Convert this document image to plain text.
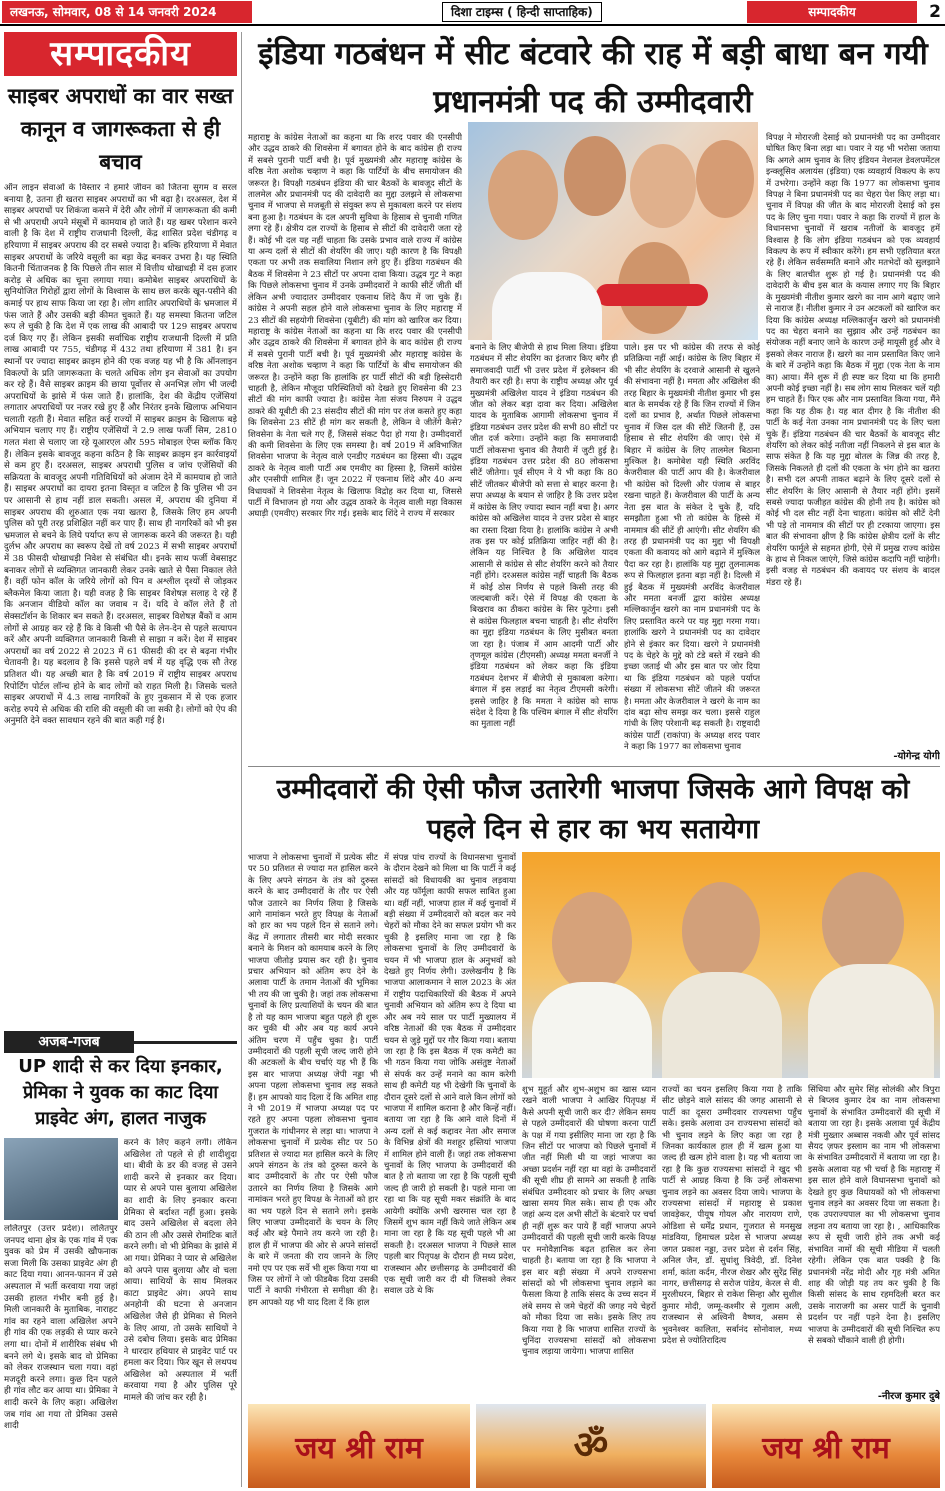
लखनऊ, सोमवार, 08 से 14 जनवरी 2024	दिशा टाइम्स ( हिन्दी साप्ताहिक)	सम्पादकीय	2
सम्पादकीय
साइबर अपराधों का वार सख्त कानून व जागरूकता से ही बचाव
ऑन लाइन सेवाओं के विस्तार ने हमारे जीवन को जितना सुगम व सरल बनाया है, उतना ही खतरा साइबर अपराधों का भी बढ़ा है। दरअसल, देश में साइबर अपराधों पर शिकंजा कसने में देरी और लोगों में जागरूकता की कमी से भी अपराधी अपने मंसूबों में कामयाब हो जाते हैं। यह खबर परेशान करने वाली है कि देश में राष्ट्रीय राजधानी दिल्ली, केंद्र शासित प्रदेश चंडीगढ़ व हरियाणा में साइबर अपराध की दर सबसे ज्यादा है। बल्कि हरियाणा में मेवात साइबर अपराधों के जरिये वसूली का बड़ा केंद्र बनकर उभरा है। यह स्थिति कितनी चिंताजनक है कि पिछले तीन साल में वित्तीय धोखाधड़ी में दस हजार करोड़ से अधिक का चूना लगाया गया। कमोबेश साइबर अपराधियों के सुनियोजित गिरोहों द्वारा लोगों के विश्वास के साथ छल करके खून-पसीने की कमाई पर हाथ साफ किया जा रहा है। लोग शातिर अपराधियों के भ्रमजाल में फंस जाते हैं और उसकी बड़ी कीमत चुकाते हैं। यह समस्या कितना जटिल रूप ले चुकी है कि देश में एक लाख की आबादी पर 129 साइबर अपराध दर्ज किए गए हैं। लेकिन इसकी सर्वाधिक राष्ट्रीय राजधानी दिल्ली में प्रति लाख आबादी पर 755, चंडीगढ़ में 432 तथा हरियाणा में 381 है। इन स्थानों पर ज्यादा साइबर क्राइम होने की एक वजह यह भी है कि ऑनलाइन विकल्पों के प्रति जागरूकता के चलते अधिक लोग इन सेवाओं का उपयोग कर रहे हैं। वैसे साइबर क्राइम की छाया पूर्वोत्तर से अनभिज्ञ लोग भी जल्दी अपराधियों के झांसे में फंस जाते हैं। हालांकि, देश की केंद्रीय एजेंसियां लगातार अपराधियों पर नजर रखे हुए हैं और निरंतर इनके खिलाफ अभियान चलाती रहती हैं। मेवात सहित कई राज्यों में साइबर क्राइम के खिलाफ बड़े अभियान चलाए गए हैं। राष्ट्रीय एजेंसियों ने 2.9 लाख फर्जी सिम, 2810 गलत मंशा से चलाए जा रहे यूआरएल और 595 मोबाइल ऐप्स ब्लॉक किए हैं। लेकिन इसके बावजूद कहना कठिन है कि साइबर क्राइम इन कार्रवाइयों से कम हुए हैं। दरअसल, साइबर अपराधी पुलिस व जांच एजेंसियों की सक्रियता के बावजूद अपनी गतिविधियों को अंजाम देने में कामयाब हो जाते हैं। साइबर अपराधों का दायरा इतना विस्तृत व जटिल है कि पुलिस भी उन पर आसानी से हाथ नहीं डाल सकती। असल में, अपराध की दुनिया में साइबर अपराध की शुरुआत एक नया खतरा है, जिसके लिए हम अपनी पुलिस को पूरी तरह प्रशिक्षित नहीं कर पाए हैं। साथ ही नागरिकों को भी इस भ्रमजाल से बचने के लिये पर्याप्त रूप से जागरूक करने की जरूरत है। यही दुर्लभ और अपराध का स्वरूप देखें तो वर्ष 2023 में सभी साइबर अपराधों में 38 फीसदी धोखाधड़ी निवेश से संबंधित थी। इनके साथ फर्जी वेबसाइट बनाकर लोगों से व्यक्तिगत जानकारी लेकर उनके खाते से पैसा निकाल लेते हैं। वहीं फोन कॉल के जरिये लोगों को पिन व अश्लील दृश्यों से जोड़कर ब्लैकमेल किया जाता है। यही वजह है कि साइबर विशेषज्ञ सलाह दे रहे हैं कि अनजान वीडियो कॉल का जवाब न दें। यदि वे कॉल लेते हैं तो सेक्सटॉर्शन के शिकार बन सकते हैं। दरअसल, साइबर विशेषज्ञ बैंकों व आम लोगों से आग्रह कर रहे हैं कि वे किसी भी पैसे के लेन-देन से पहले सत्यापन करें और अपनी व्यक्तिगत जानकारी किसी से साझा न करें। देश में साइबर अपराधों का वर्ष 2022 से 2023 में 61 फीसदी की दर से बढ़ना गंभीर चेतावनी है। यह बदलाव है कि इससे पहले वर्ष में यह वृद्धि एक सौ तेरह प्रतिशत थी। यह अच्छी बात है कि वर्ष 2019 में राष्ट्रीय साइबर अपराध रिपोर्टिंग पोर्टल लॉन्च होने के बाद लोगों को राहत मिली है। जिसके चलते साइबर अपराधों में 4.3 लाख नागरिकों के हुए नुकसान में से एक हजार करोड़ रुपये से अधिक की राशि की वसूली की जा सकी है। लोगों को ऐप की अनुमति देने वक्त सावधान रहने की बात कही गई है।
अजब-गजब
UP शादी से कर दिया इनकार, प्रेमिका ने युवक का काट दिया प्राइवेट अंग, हालत नाजुक
ललितपुर (उत्तर प्रदेश)। ललितपुर जनपद थाना क्षेत्र के एक गांव में एक युवक को प्रेम में उसकी खौफनाक सजा मिली कि उसका प्राइवेट अंग ही काट दिया गया। आनन-फानन में उसे अस्पताल में भर्ती करवाया गया जहां उसकी हालत गंभीर बनी हुई है। मिली जानकारी के मुताबिक, नाराहट गांव का रहने वाला अखिलेश अपने ही गांव की एक लड़की से प्यार करने लगा था। दोनों में शारीरिक संबंध भी बनने लगे थे। इसके बाद वो प्रेमिका को लेकर राजस्थान चला गया। वहां मजदूरी करने लगा। कुछ दिन पहले ही गांव लौट कर आया था। प्रेमिका ने शादी करने के लिए कहा। अखिलेश जब गांव आ गया तो प्रेमिका उससे शादी
करने के लिए कहने लगी। लेकिन अखिलेश तो पहले से ही शादीशुदा था। बीवी के डर की वजह से उसने शादी करने से इनकार कर दिया। प्यार से अपने पास बुलाया अखिलेश का शादी के लिए इनकार करना प्रेमिका से बर्दाश्त नहीं हुआ। इसके बाद उसने अखिलेश से बदला लेने की ठान ली और उससे रोमांटिक बातें करने लगी। वो भी प्रेमिका के झांसे में आ गया। प्रेमिका ने प्यार से अखिलेश को अपने पास बुलाया और वो चला आया। साथियों के साथ मिलकर काटा प्राइवेट अंग। अपने साथ अनहोनी की घटना से अनजान अखिलेश जैसे ही प्रेमिका से मिलने के लिए आया, तो उसके साथियों ने उसे दबोच लिया। इसके बाद प्रेमिका ने धारदार हथियार से प्राइवेट पार्ट पर हमला कर दिया। फिर खून से लथपथ अखिलेश को अस्पताल में भर्ती करवाया गया है और पुलिस पूरे मामले की जांच कर रही है।
इंडिया गठबंधन में सीट बंटवारे की राह में बड़ी बाधा बन गयी प्रधानमंत्री पद की उम्मीदवारी
महाराष्ट्र के कांग्रेस नेताओं का कहना था कि शरद पवार की एनसीपी और उद्धव ठाकरे की शिवसेना में बगावत होने के बाद कांग्रेस ही राज्य में सबसे पुरानी पार्टी बची है। पूर्व मुख्यमंत्री और महाराष्ट्र कांग्रेस के वरिष्ठ नेता अशोक चव्हाण ने कहा कि पार्टियों के बीच समायोजन की जरूरत है। विपक्षी गठबंधन इंडिया की चार बैठकों के बावजूद सीटों के तालमेल और प्रधानमंत्री पद की दावेदारी का मुद्दा उलझने से लोकसभा चुनाव में भाजपा से मजबूती से संयुक्त रूप से मुकाबला करने पर संशय बना हुआ है। गठबंधन के दल अपनी सुविधा के हिसाब से चुनावी गणित लगा रहे हैं। क्षेत्रीय दल राज्यों के हिसाब से सीटों की दावेदारी जता रहे हैं। कोई भी दल यह नहीं चाहता कि उसके प्रभाव वाले राज्य में कांग्रेस या अन्य दलों से सीटों की शेयरिंग की जाए। यही कारण है कि विपक्षी एकता पर अभी तक सवालिया निशान लगे हुए हैं। इंडिया गठबंधन की बैठक में शिवसेना ने 23 सीटों पर अपना दावा किया। उद्धव गुट ने कहा कि पिछले लोकसभा चुनाव में उनके उम्मीदवारों ने काफी सीटें जीती थीं लेकिन अभी ज्यादातर उम्मीदवार एकनाथ शिंदे कैंप में जा चुके हैं। कांग्रेस ने अपनी सहल होने वाले लोकसभा चुनाव के लिए महाराष्ट्र में 23 सीटों की सहयोगी शिवसेना (यूबीटी) की मांग को खारिज कर दिया। महाराष्ट्र के कांग्रेस नेताओं का कहना था कि शरद पवार की एनसीपी और उद्धव ठाकरे की शिवसेना में बगावत होने के बाद कांग्रेस ही राज्य में सबसे पुरानी पार्टी बची है। पूर्व मुख्यमंत्री और महाराष्ट्र कांग्रेस के वरिष्ठ नेता अशोक चव्हाण ने कहा कि पार्टियों के बीच समायोजन की जरूरत है। उन्होंने कहा कि हालांकि हर पार्टी सीटों की बड़ी हिस्सेदारी चाहती है, लेकिन मौजूदा परिस्थितियों को देखते हुए शिवसेना की 23 सीटों की मांग काफी ज्यादा है। कांग्रेस नेता संजय निरुपम ने उद्धव ठाकरे की यूबीटी की 23 संसदीय सीटों की मांग पर तंज कसते हुए कहा कि शिवसेना 23 सीटें ही मांग कर सकती है, लेकिन वे जीतेंगे कैसे? शिवसेना के नेता चले गए हैं, जिससे संकट पैदा हो गया है। उम्मीदवारों की कमी शिवसेना के लिए एक समस्या है। वर्ष 2019 में अविभाजित शिवसेना भाजपा के नेतृत्व वाले एनडीए गठबंधन का हिस्सा थी। उद्धव ठाकरे के नेतृत्व वाली पार्टी अब एमवीए का हिस्सा है, जिसमें कांग्रेस और एनसीपी शामिल हैं। जून 2022 में एकनाथ शिंदे और 40 अन्य विधायकों ने शिवसेना नेतृत्व के खिलाफ विद्रोह कर दिया था, जिससे पार्टी में विभाजन हो गया और उद्धव ठाकरे के नेतृत्व वाली महा विकास अघाड़ी (एमवीए) सरकार गिर गई। इसके बाद शिंदे ने राज्य में सरकार
बनाने के लिए बीजेपी से हाथ मिला लिया। इंडिया गठबंधन में सीट शेयरिंग का इंतजार किए बगैर ही समाजवादी पार्टी भी उत्तर प्रदेश में इलेक्शन की तैयारी कर रही है। सपा के राष्ट्रीय अध्यक्ष और पूर्व मुख्यमंत्री अखिलेश यादव ने इंडिया गठबंधन की जीत को लेकर बड़ा दावा कर दिया। अखिलेश यादव के मुताबिक आगामी लोकसभा चुनाव में इंडिया गठबंधन उत्तर प्रदेश की सभी 80 सीटों पर जीत दर्ज करेगा। उन्होंने कहा कि समाजवादी पार्टी लोकसभा चुनाव की तैयारी में जुटी हुई है। इंडिया गठबंधन उत्तर प्रदेश की 80 लोकसभा सीटें जीतेगा। पूर्व सीएम ने ये भी कहा कि 80 सीटें जीतकर बीजेपी को सत्ता से बाहर करना है। सपा अध्यक्ष के बयान से जाहिर है कि उत्तर प्रदेश में कांग्रेस के लिए ज्यादा स्थान नहीं बचा है। अगर कांग्रेस को अखिलेश यादव ने उत्तर प्रदेश से बाहर का रास्ता दिखा दिया है। हालांकि कांग्रेस ने अभी तक इस पर कोई प्रतिक्रिया जाहिर नहीं की है। लेकिन यह निश्चित है कि अखिलेश यादव आसानी से कांग्रेस से सीट शेयरिंग करने को तैयार नहीं होंगे। दरअसल कांग्रेस नहीं चाहती कि बैठक में कोई ठोस निर्णय से पहले किसी तरह की जल्दबाजी करें। ऐसे में विपक्ष की एकता के बिखराव का ठीकरा कांग्रेस के सिर फूटेगा। इसी से कांग्रेस फिलहाल बचना चाहती है। सीट शेयरिंग का मुद्दा इंडिया गठबंधन के लिए मुसीबत बनता जा रहा है। पंजाब में आम आदमी पार्टी और तृणमूल कांग्रेस (टीएमसी) अध्यक्ष ममता बनर्जी ने इंडिया गठबंधन को लेकर कहा कि इंडिया गठबंधन देशभर में बीजेपी से मुकाबला करेगा। बंगाल में इस लड़ाई का नेतृत्व टीएमसी करेगी। इससे जाहिर है कि ममता ने कांग्रेस को साफ संदेश दे दिया है कि पश्चिम बंगाल में सीट शेयरिंग का मुताला नहीं
पाले। इस पर भी कांग्रेस की तरफ से कोई प्रतिक्रिया नहीं आई। कांग्रेस के लिए बिहार में भी सीट शेयरिंग के दरवाजे आसानी से खुलने की संभावना नहीं है। ममता और अखिलेश की तरह बिहार के मुख्यमंत्री नीतीश कुमार भी इस बात के समर्थक रहे हैं कि जिन राज्यों में जिन दलों का प्रभाव है, अर्थात पिछले लोकसभा चुनाव में जिस दल की सीटें जितनी हैं, उस हिसाब से सीट शेयरिंग की जाए। ऐसे में बिहार में कांग्रेस के लिए तालमेल बिठाना मुश्किल है। कमोबेश यही स्थिति अरविंद केजरीवाल की पार्टी आप की है। केजरीवाल भी कांग्रेस को दिल्ली और पंजाब से बाहर रखना चाहते हैं। केजरीवाल की पार्टी के अन्य नेता इस बात के संकेत दे चुके हैं, यदि समझौता हुआ भी तो कांग्रेस के हिस्से में नाममात्र की सीटें ही आएंगी। सीट शेयरिंग की तरह ही प्रधानमंत्री पद का मुद्दा भी विपक्षी एकता की कवायद को आगे बढ़ाने में मुश्किल पैदा कर रहा है। हालांकि यह मुद्दा तुलनात्मक रूप से फिलहाल इतना बड़ा नहीं है। दिल्ली में हुई बैठक में मुख्यमंत्री अरविंद केजरीवाल और ममता बनर्जी द्वारा कांग्रेस अध्यक्ष मल्लिकार्जुन खरगे का नाम प्रधानमंत्री पद के लिए प्रस्तावित करने पर यह मुद्दा गरमा गया। हालांकि खरगे ने प्रधानमंत्री पद का दावेदार होने से इंकार कर दिया। खरगे ने प्रधानमंत्री पद के चेहरे के मुद्दे को टंडे बस्ते में रखने की इच्छा जताई थी और इस बात पर जोर दिया था कि इंडिया गठबंधन को पहले पर्याप्त संख्या में लोकसभा सीटें जीतने की जरूरत है। ममता और केजरीवाल ने खरगे के नाम का दांव बढ़ा सोच समझ कर चला। इससे राहुल गांधी के लिए परेशानी बढ़ सकती है। राष्ट्रवादी कांग्रेस पार्टी (राकांपा) के अध्यक्ष शरद पवार ने कहा कि 1977 का लोकसभा चुनाव
विपक्ष ने मोरारजी देसाई को प्रधानमंत्री पद का उम्मीदवार घोषित किए बिना लड़ा था। पवार ने यह भी भरोसा जताया कि अगले आम चुनाव के लिए इंडियन नेशनल डेवलपमेंटल इन्क्लूसिव अलायंस (इंडिया) एक व्यवहार्य विकल्प के रूप में उभरेगा। उन्होंने कहा कि 1977 का लोकसभा चुनाव विपक्ष ने बिना प्रधानमंत्री पद का चेहरा पेश किए लड़ा था। चुनाव में विपक्ष की जीत के बाद मोरारजी देसाई को इस पद के लिए चुना गया। पवार ने कहा कि राज्यों में हाल के विधानसभा चुनावों में खराब नतीजों के बावजूद हमें विश्वास है कि लोग इंडिया गठबंधन को एक व्यवहार्य विकल्प के रूप में स्वीकार करेंगे। हम सभी एहतियात बरत रहे हैं। लेकिन सर्वसम्मति बनाने और मतभेदों को सुलझाने के लिए बातचीत शुरू हो गई है। प्रधानमंत्री पद की दावेदारी के बीच इस बात के कयास लगाए गए कि बिहार के मुख्यमंत्री नीतीश कुमार खरगे का नाम आगे बढ़ाए जाने से नाराज हैं। नीतीश कुमार ने उन अटकलों को खारिज कर दिया कि कांग्रेस अध्यक्ष मल्लिकार्जुन खरगे को प्रधानमंत्री पद का चेहरा बनाने का सुझाव और उन्हें गठबंधन का संयोजक नहीं बनाए जाने के कारण उन्हें मायूसी हुई और वे इसको लेकर नाराज हैं। खरगे का नाम प्रस्तावित किए जाने के बारे में उन्होंने कहा कि बैठक में मुद्दा (एक नेता के नाम का) आया। मैंने शुरू में ही स्पष्ट कर दिया था कि हमारी अपनी कोई इच्छा नहीं है। सब लोग साथ मिलकर चलें यही हम चाहते हैं। फिर एक और नाम प्रस्तावित किया गया, मैंने कहा कि यह ठीक है। यह बात दीगर है कि नीतीश की पार्टी के कई नेता उनका नाम प्रधानमंत्री पद के लिए चला चुके हैं। इंडिया गठबंधन की चार बैठकों के बावजूद सीट शेयरिंग को लेकर कोई नतीजा नहीं निकलने से इस बात के साफ संकेत है कि यह मुद्दा बोतल के जिन्न की तरह है, जिसके निकलते ही दलों की एकता के भंग होने का खतरा है। सभी दल अपनी ताकत बढ़ाने के लिए दूसरे दलों से सीट शेयरिंग के लिए आसानी से तैयार नहीं होंगे। इसमें सबसे ज्यादा फजीहत कांग्रेस की होनी तय है। कांग्रेस को कोई भी दल सीट नहीं देना चाहता। कांग्रेस को सीटें देनी भी पड़े तो नाममात्र की सीटों पर ही टरकाया जाएगा। इस बात की संभावना क्षीण है कि कांग्रेस क्षेत्रीय दलों के सीट शेयरिंग फार्मूले से सहमत होगी, ऐसे में प्रमुख राज्य कांग्रेस के हाथ से निकल जाएंगे, जिसे कांग्रेस कदापि नहीं चाहेगी। इसी वजह से गठबंधन की कवायद पर संशय के बादल मंडरा रहे हैं।
-योगेन्द्र योगी
उम्मीदवारों की ऐसी फौज उतारेगी भाजपा जिसके आगे विपक्ष को पहले दिन से हार का भय सतायेगा
भाजपा ने लोकसभा चुनावों में प्रत्येक सीट पर 50 प्रतिशत से ज्यादा मत हासिल करने के लिए अपने संगठन के तंत्र को दुरुस्त करने के बाद उम्मीदवारों के तौर पर ऐसी फौज उतारने का निर्णय लिया है जिसके आगे नामांकन भरते हुए विपक्ष के नेताओं को हार का भय पहले दिन से सताने लगे। केंद्र में लगातार तीसरी बार मोदी सरकार बनाने के मिशन को कामयाब करने के लिए भाजपा जीतोड़ प्रयास कर रही है। चुनाव प्रचार अभियान को अंतिम रूप देने के अलावा पार्टी के तमाम नेताओं की भूमिका भी तय की जा चुकी है। जहां तक लोकसभा चुनावों के लिए प्रत्याशियों के चयन की बात है तो यह काम भाजपा बहुत पहले ही शुरू कर चुकी थी और अब यह कार्य अपने अंतिम चरण में पहुँच चुका है। पार्टी उम्मीदवारों की पहली सूची जल्द जारी होने की अटकलों के बीच चर्चाएं यह भी हैं कि इस बार भाजपा अध्यक्ष जेपी नड्डा भी अपना पहला लोकसभा चुनाव लड़ सकते हैं। हम आपको याद दिला दें कि अमित शाह ने भी 2019 में भाजपा अध्यक्ष पद पर रहते हुए अपना पहला लोकसभा चुनाव गुजरात के गांधीनगर से लड़ा था। भाजपा ने लोकसभा चुनावों में प्रत्येक सीट पर 50 प्रतिशत से ज्यादा मत हासिल करने के लिए अपने संगठन के तंत्र को दुरुस्त करने के बाद उम्मीदवारों के तौर पर ऐसी फौज उतारने का निर्णय लिया है जिसके आगे नामांकन भरते हुए विपक्ष के नेताओं को हार का भय पहले दिन से सताने लगे। इसके लिए भाजपा उम्मीदवारों के चयन के लिए कई और बड़े पैमाने तय करने जा रही है। हाल ही में भाजपा की ओर से अपने सांसदों के बारे में जनता की राय जानने के लिए नमो एप पर एक सर्वे भी शुरू किया गया था जिस पर लोगों ने जो फीडबैक दिया उसकी पार्टी ने काफी गंभीरता से समीक्षा की है। हम आपको यह भी याद दिला दें कि हाल
में संपन्न पांच राज्यों के विधानसभा चुनावों के दौरान देखने को मिला था कि पार्टी ने कई सांसदों को विधायकी का चुनाव लड़वाया और यह फॉर्मूला काफी सफल साबित हुआ था। वहीं नहीं, भाजपा हाल में कई चुनावों में बड़ी संख्या में उम्मीदवारों को बदल कर नये चेहरों को मौका देने का सफल प्रयोग भी कर चुकी है इसलिए माना जा रहा है कि लोकसभा चुनावों के लिए उम्मीदवारों के चयन में भी भाजपा हाल के अनुभवों को देखते हुए निर्णय लेगी। उल्लेखनीय है कि भाजपा आलाकमान ने साल 2023 के अंत में राष्ट्रीय पदाधिकारियों की बैठक में अपने चुनावी अभियान को अंतिम रूप दे दिया था और अब नये साल पर पार्टी मुख्यालय में वरिष्ठ नेताओं की एक बैठक में उम्मीदवार चयन से जुड़े मुद्दों पर गौर किया गया। बताया जा रहा है कि इस बैठक में एक कमेटी का भी गठन किया गया जोकि असंतुष्ट नेताओं से संपर्क कर उन्हें मनाने का काम करेगी साथ ही कमेटी यह भी देखेगी कि चुनावों के दौरान दूसरे दलों से आने वाले किन लोगों को भाजपा में शामिल कराना है और किन्हें नहीं। बताया जा रहा है कि आने वाले दिनों में अन्य दलों से कई कद्दावर नेता और समाज के विभिन्न क्षेत्रों की मशहूर हस्तियां भाजपा में शामिल होने वाली हैं। जहां तक लोकसभा चुनावों के लिए भाजपा के उम्मीदवारों की बात है तो बताया जा रहा है कि पहली सूची जल्द ही जारी हो सकती है। पहले माना जा रहा था कि यह सूची मकर संक्रांति के बाद आयेगी क्योंकि अभी खरमास चल रहा है जिसमें शुभ काम नहीं किये जाते लेकिन अब माना जा रहा है कि यह सूची पहले भी आ सकती है। दरअसल भाजपा ने पिछले साल पहली बार पितृपक्ष के दौरान ही मध्य प्रदेश, राजस्थान और छत्तीसगढ़ के उम्मीदवारों की एक सूची जारी कर दी थी जिसको लेकर सवाल उठे थे कि
शुभ मुहूर्त और शुभ-अशुभ का खास ध्यान रखने वाली भाजपा ने आखिर पितृपक्ष में कैसे अपनी सूची जारी कर दी? लेकिन समय से पहले उम्मीदवारों की घोषणा करना पार्टी के पक्ष में गया इसीलिए माना जा रहा है कि जिन सीटों पर भाजपा को पिछले चुनावों में जीत नहीं मिली थी या जहां भाजपा का अच्छा प्रदर्शन नहीं रहा था वहां के उम्मीदवारों की सूची शीघ्र ही सामने आ सकती है ताकि संबंधित उम्मीदवार को प्रचार के लिए अच्छा खासा समय मिल सके। साथ ही एक और जहां अन्य दल अभी सीटों के बंटवारे पर चर्चा ही नहीं शुरू कर पाये हैं वहीं भाजपा अपने उम्मीदवारों की पहली सूची जारी करके विपक्ष पर मनोवैज्ञानिक बढ़त हासिल कर लेना चाहती है। बताया जा रहा है कि भाजपा ने इस बार बड़ी संख्या में अपने राज्यसभा सांसदों को भी लोकसभा चुनाव लड़ाने का फैसला किया है ताकि संसद के उच्च सदन में लंबे समय से जमे चेहरों की जगह नये चेहरों को मौका दिया जा सके। इसके लिए तय किया गया है कि भाजपा शासित राज्यों के चुनिंदा राज्यसभा सांसदों को लोकसभा चुनाव लड़ाया जायेगा। भाजपा शासित
राज्यों का चयन इसलिए किया गया है ताकि सीट छोड़ने वाले सांसद की जगह आसानी से पार्टी का दूसरा उम्मीदवार राज्यसभा पहुँच सके। इसके अलावा उन राज्यसभा सांसदों को भी चुनाव लड़ने के लिए कहा जा रहा है जिनका कार्यकाल हाल ही में खत्म हुआ या जल्द ही खत्म होने वाला है। यह भी बताया जा रहा है कि कुछ राज्यसभा सांसदों ने खुद भी पार्टी से आग्रह किया है कि उन्हें लोकसभा चुनाव लड़ने का अवसर दिया जाये। भाजपा के राज्यसभा सांसदों में महाराष्ट्र से प्रकाश जावड़ेकर, पीयूष गोयल और नारायण राणे, ओडिशा से धर्मेंद्र प्रधान, गुजरात से मनसुख मांडविया, हिमाचल प्रदेश से भाजपा अध्यक्ष जगत प्रकाश नड्डा, उत्तर प्रदेश से दर्शन सिंह, अनिल जैन, डॉ. सुधांशु त्रिवेदी, डॉ. दिनेश शर्मा, कांता कर्दम, नीरज शेखर और सुरेंद्र सिंह नागर, छत्तीसगढ़ से सरोज पांडेय, केरल से वी. मुरलीधरन, बिहार से राकेश सिन्हा और सुशील कुमार मोदी, जम्मू-कश्मीर से गुलाम अली, राजस्थान से अश्विनी वैष्णव, असम से भुवनेश्वर कालिता, सर्बानंद सोनोवाल, मध्य प्रदेश से ज्योतिरादित्य
सिंधिया और सुमेर सिंह सोलंकी और त्रिपुरा से बिप्लव कुमार देब का नाम लोकसभा चुनावों के संभावित उम्मीदवारों की सूची में बताया जा रहा है। इसके अलावा पूर्व केंद्रीय मंत्री मुख्तार अब्बास नकवी और पूर्व सांसद सैयद ज़फर इस्लाम का नाम भी लोकसभा के संभावित उम्मीदवारों में बताया जा रहा है। इसके अलावा यह भी चर्चा है कि महाराष्ट्र में इस साल होने वाले विधानसभा चुनावों को देखते हुए कुछ विधायकों को भी लोकसभा चुनाव लड़ने का अवसर दिया जा सकता है। एक उपराज्यपाल का भी लोकसभा चुनाव लड़ना तय बताया जा रहा है। , आधिकारिक रूप से सूची जारी होने तक अभी कई संभावित नामों की सूची मीडिया में चलती रहेगी। लेकिन एक बात पक्की है कि प्रधानमंत्री नरेंद्र मोदी और गृह मंत्री अमित शाह की जोड़ी यह तय कर चुकी है कि किसी सांसद के साथ रहमदिली बरत कर उसके नाराजगी का असर पार्टी के चुनावी प्रदर्शन पर नहीं पड़ने देना है। इसलिए भाजपा के उम्मीदवारों की सूची निश्चित रूप से सबको चौंकाने वाली ही होगी।
-नीरज कुमार दुबे
जय श्री राम	ॐ	जय श्री राम
